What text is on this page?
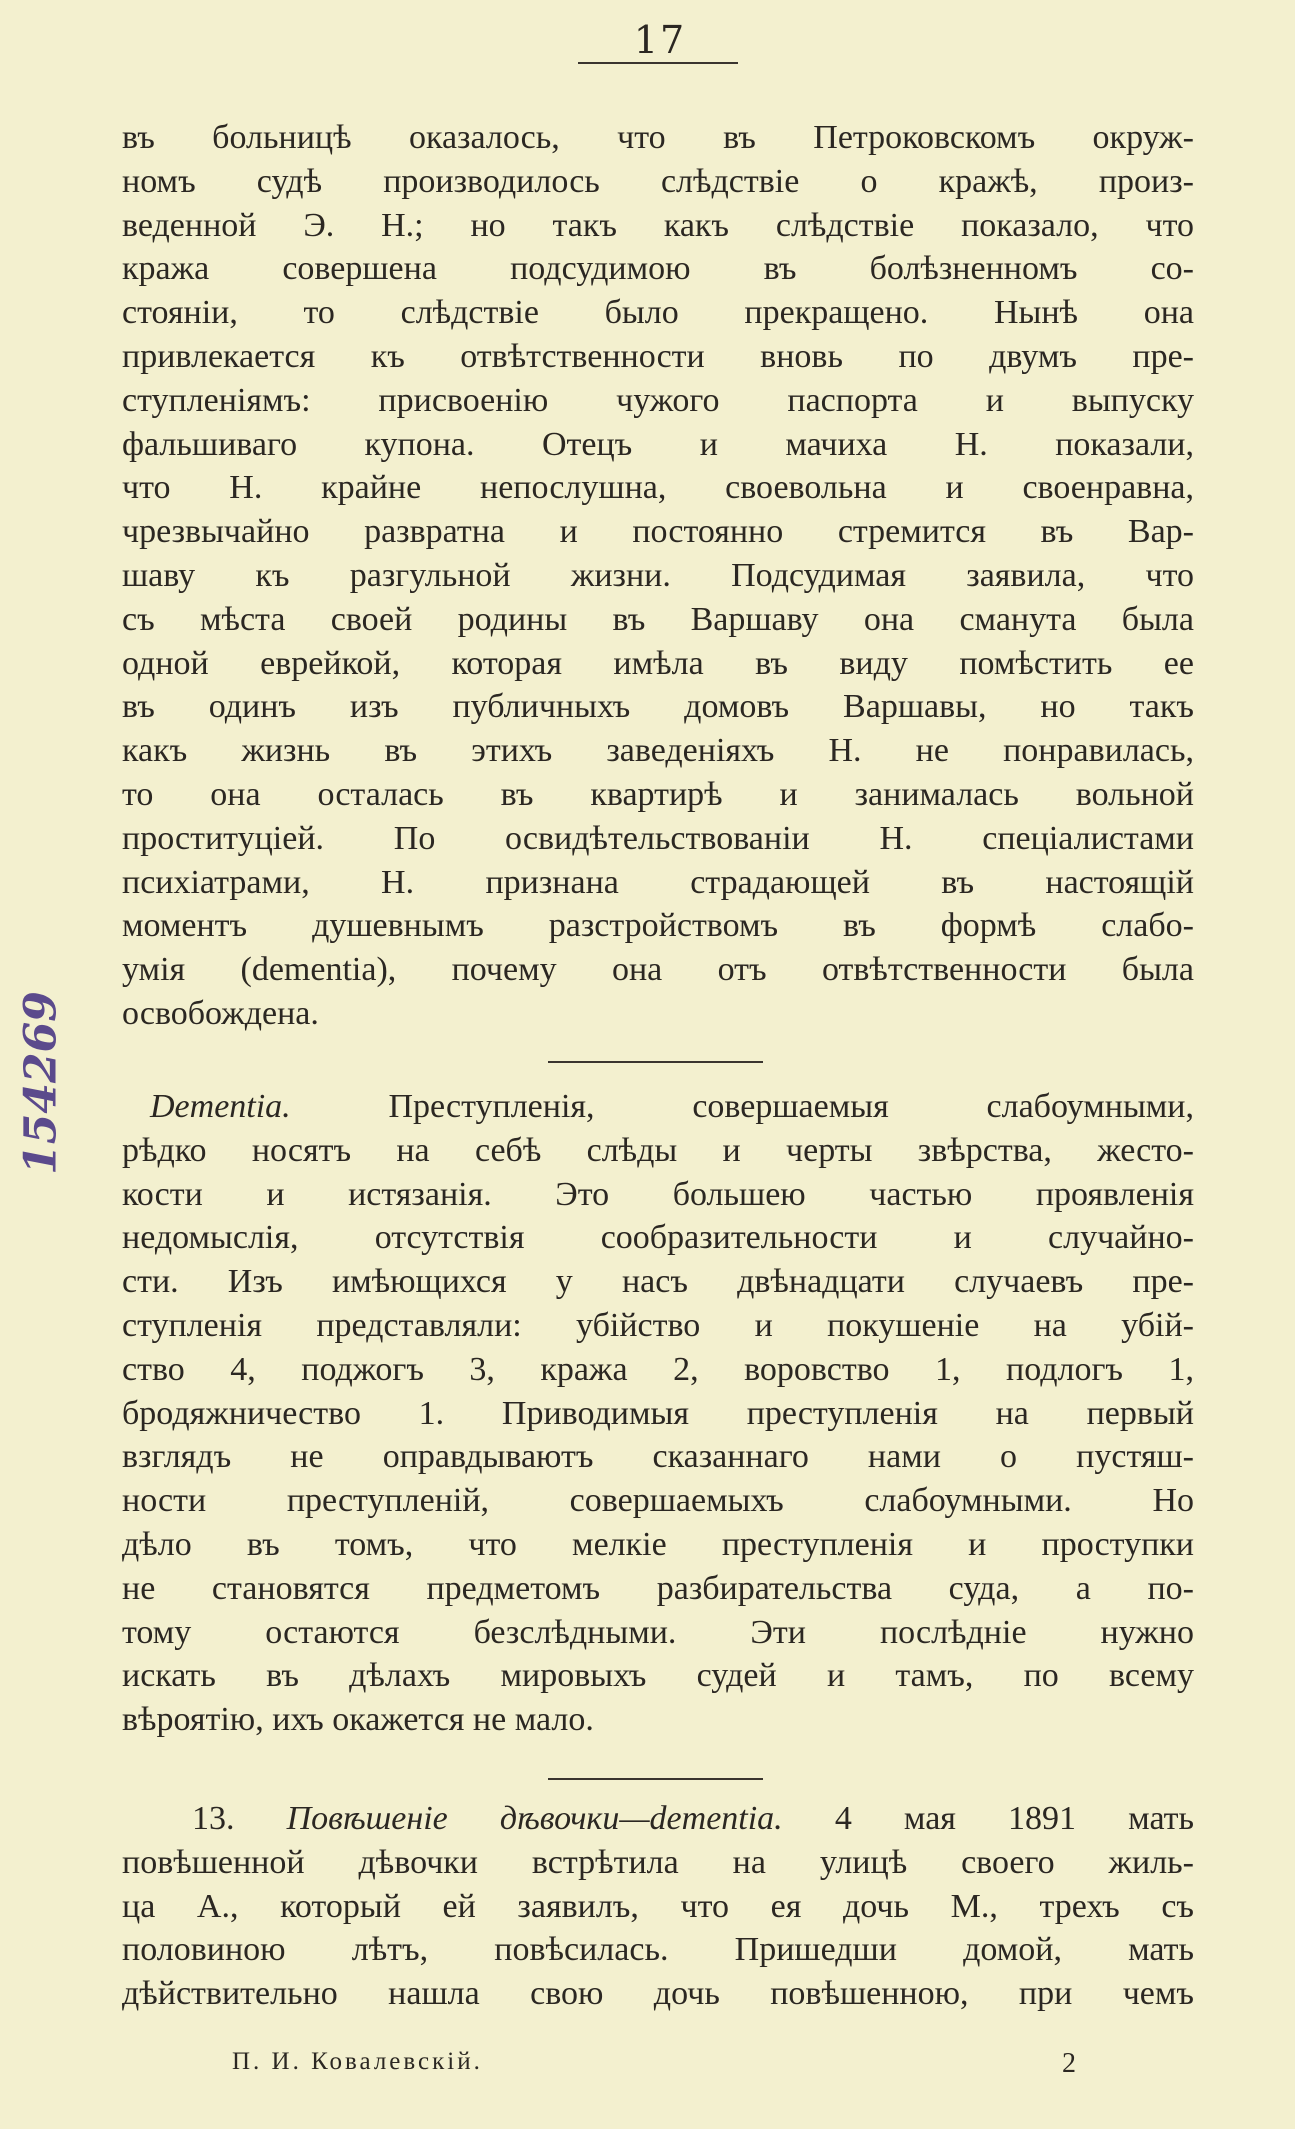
17
въ больницѣ оказалось, что въ Петроковскомъ окруж-
номъ судѣ производилось слѣдствіе о кражѣ, произ-
веденной Э. Н.; но такъ какъ слѣдствіе показало, что
кража совершена подсудимою въ болѣзненномъ со-
стояніи, то слѣдствіе было прекращено. Нынѣ она
привлекается къ отвѣтственности вновь по двумъ пре-
ступленіямъ: присвоенію чужого паспорта и выпуску
фальшиваго купона. Отецъ и мачиха Н. показали,
что Н. крайне непослушна, своевольна и своенравна,
чрезвычайно развратна и постоянно стремится въ Вар-
шаву къ разгульной жизни. Подсудимая заявила, что
съ мѣста своей родины въ Варшаву она сманута была
одной еврейкой, которая имѣла въ виду помѣстить ее
въ одинъ изъ публичныхъ домовъ Варшавы, но такъ
какъ жизнь въ этихъ заведеніяхъ Н. не понравилась,
то она осталась въ квартирѣ и занималась вольной
проституціей. По освидѣтельствованіи Н. спеціалистами
психіатрами, Н. признана страдающей въ настоящій
моментъ душевнымъ разстройствомъ въ формѣ слабо-
умія (dementia), почему она отъ отвѣтственности была
освобождена.
Dementia.	Преступленія, совершаемыя слабоумными,
рѣдко носятъ на себѣ слѣды и черты звѣрства, жесто-
кости и истязанія. Это большею частью проявленія
недомыслія, отсутствія сообразительности и случайно-
сти. Изъ имѣющихся у насъ двѣнадцати случаевъ пре-
ступленія представляли: убійство и покушеніе на убій-
ство 4, поджогъ 3, кража 2, воровство 1, подлогъ 1,
бродяжничество 1. Приводимыя преступленія на первый
взглядъ не оправдываютъ сказаннаго нами о пустяш-
ности преступленій, совершаемыхъ слабоумными. Но
дѣло въ томъ, что мелкіе преступленія и проступки
не становятся предметомъ разбирательства суда, а по-
тому остаются безслѣдными. Эти послѣдніе нужно
искать въ дѣлахъ мировыхъ судей и тамъ, по всему
вѣроятію, ихъ окажется не мало.
13. Повѣшеніе дѣвочки—dementia. 4 мая 1891 мать
повѣшенной дѣвочки встрѣтила на улицѣ своего жиль-
ца А., который ей заявилъ, что ея дочь М., трехъ съ
половиною лѣтъ, повѣсилась. Пришедши домой, мать
дѣйствительно нашла свою дочь повѣшенною, при чемъ
П. И. Ковалевскій.	2
154269
